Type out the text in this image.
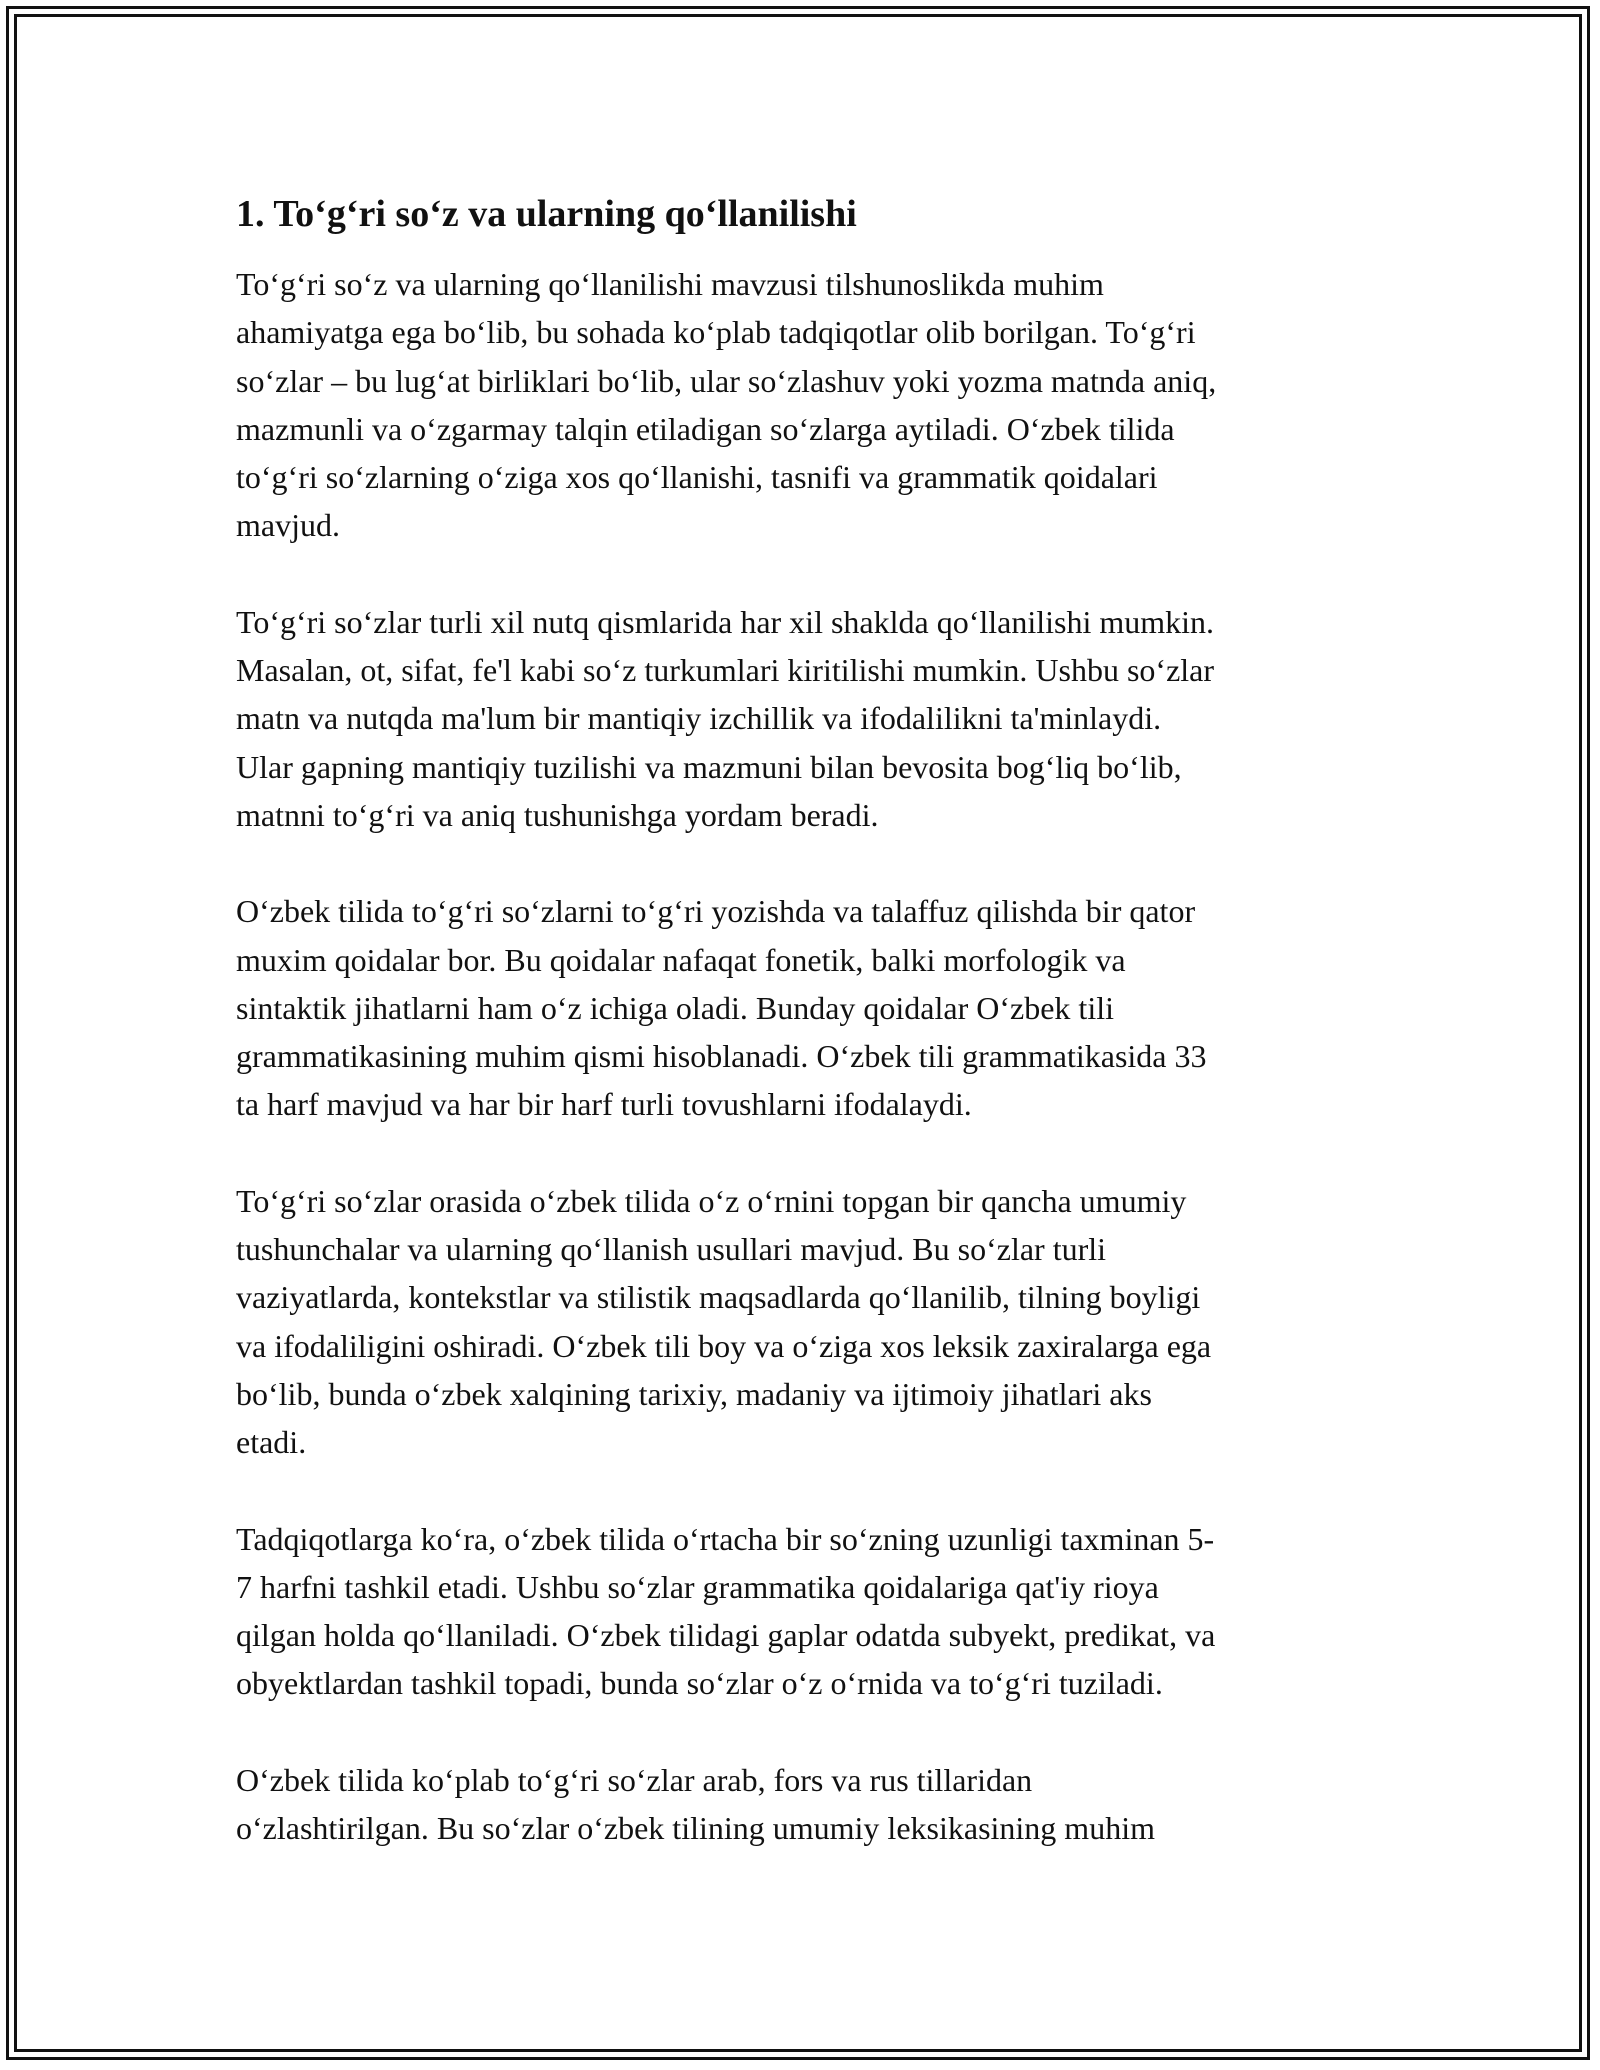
1. To‘g‘ri so‘z va ularning qo‘llanilishi

To‘g‘ri so‘z va ularning qo‘llanilishi mavzusi tilshunoslikda muhim
ahamiyatga ega bo‘lib, bu sohada ko‘plab tadqiqotlar olib borilgan. To‘g‘ri
so‘zlar – bu lug‘at birliklari bo‘lib, ular so‘zlashuv yoki yozma matnda aniq,
mazmunli va o‘zgarmay talqin etiladigan so‘zlarga aytiladi. O‘zbek tilida
to‘g‘ri so‘zlarning o‘ziga xos qo‘llanishi, tasnifi va grammatik qoidalari
mavjud.

To‘g‘ri so‘zlar turli xil nutq qismlarida har xil shaklda qo‘llanilishi mumkin.
Masalan, ot, sifat, fe'l kabi so‘z turkumlari kiritilishi mumkin. Ushbu so‘zlar
matn va nutqda ma'lum bir mantiqiy izchillik va ifodalilikni ta'minlaydi.
Ular gapning mantiqiy tuzilishi va mazmuni bilan bevosita bog‘liq bo‘lib,
matnni to‘g‘ri va aniq tushunishga yordam beradi.

O‘zbek tilida to‘g‘ri so‘zlarni to‘g‘ri yozishda va talaffuz qilishda bir qator
muxim qoidalar bor. Bu qoidalar nafaqat fonetik, balki morfologik va
sintaktik jihatlarni ham o‘z ichiga oladi. Bunday qoidalar O‘zbek tili
grammatikasining muhim qismi hisoblanadi. O‘zbek tili grammatikasida 33
ta harf mavjud va har bir harf turli tovushlarni ifodalaydi.

To‘g‘ri so‘zlar orasida o‘zbek tilida o‘z o‘rnini topgan bir qancha umumiy
tushunchalar va ularning qo‘llanish usullari mavjud. Bu so‘zlar turli
vaziyatlarda, kontekstlar va stilistik maqsadlarda qo‘llanilib, tilning boyligi
va ifodaliligini oshiradi. O‘zbek tili boy va o‘ziga xos leksik zaxiralarga ega
bo‘lib, bunda o‘zbek xalqining tarixiy, madaniy va ijtimoiy jihatlari aks
etadi.

Tadqiqotlarga ko‘ra, o‘zbek tilida o‘rtacha bir so‘zning uzunligi taxminan 5-
7 harfni tashkil etadi. Ushbu so‘zlar grammatika qoidalariga qat'iy rioya
qilgan holda qo‘llaniladi. O‘zbek tilidagi gaplar odatda subyekt, predikat, va
obyektlardan tashkil topadi, bunda so‘zlar o‘z o‘rnida va to‘g‘ri tuziladi.

O‘zbek tilida ko‘plab to‘g‘ri so‘zlar arab, fors va rus tillaridan
o‘zlashtirilgan. Bu so‘zlar o‘zbek tilining umumiy leksikasining muhim
